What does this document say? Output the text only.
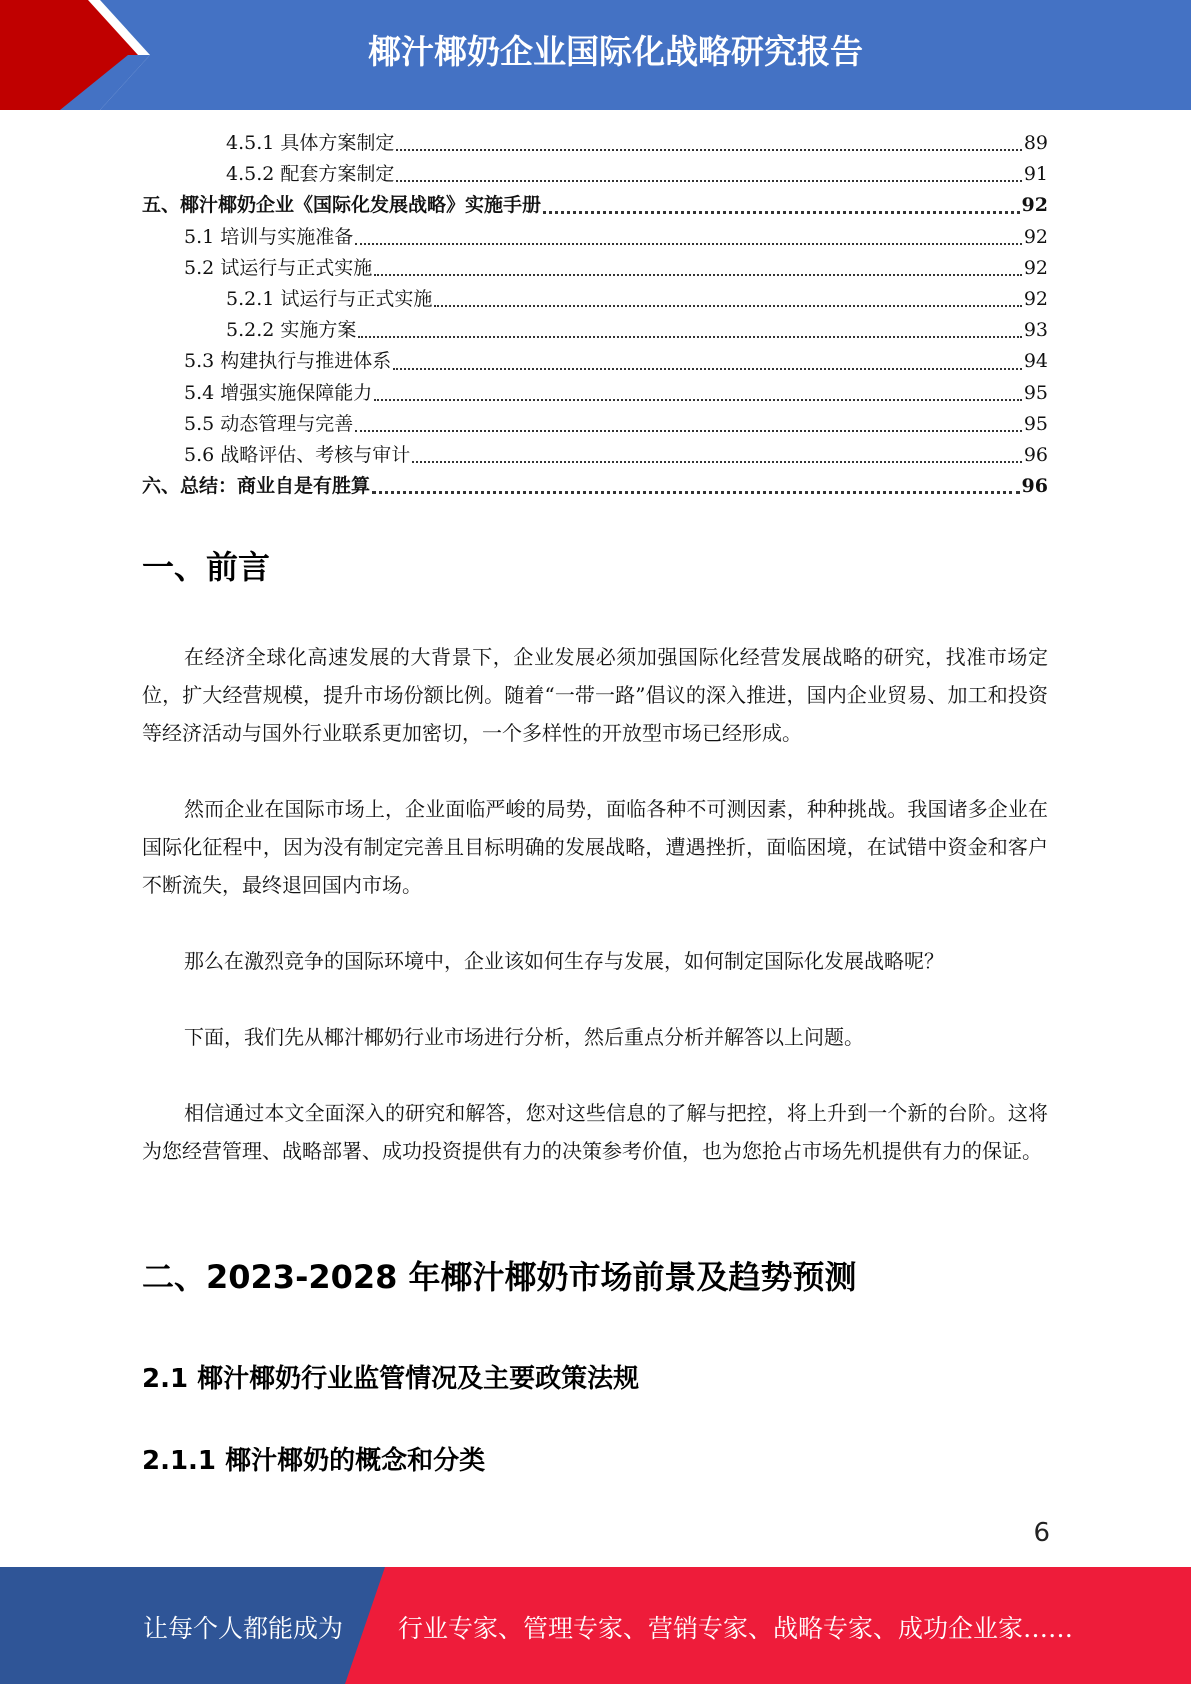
椰汁椰奶企业国际化战略研究报告
4.5.1 具体方案制定	89
4.5.2 配套方案制定	91
五、椰汁椰奶企业《国际化发展战略》实施手册	92
5.1 培训与实施准备	92
5.2 试运行与正式实施	92
5.2.1 试运行与正式实施	92
5.2.2 实施方案	93
5.3 构建执行与推进体系	94
5.4 增强实施保障能力	95
5.5 动态管理与完善	95
5.6 战略评估、考核与审计	96
六、总结：商业自是有胜算	96
一、前言

在经济全球化高速发展的大背景下，企业发展必须加强国际化经营发展战略的研究，找准市场定位，扩大经营规模，提升市场份额比例。随着“一带一路”倡议的深入推进，国内企业贸易、加工和投资等经济活动与国外行业联系更加密切，一个多样性的开放型市场已经形成。

然而企业在国际市场上，企业面临严峻的局势，面临各种不可测因素，种种挑战。我国诸多企业在国际化征程中，因为没有制定完善且目标明确的发展战略，遭遇挫折，面临困境，在试错中资金和客户不断流失，最终退回国内市场。

那么在激烈竞争的国际环境中，企业该如何生存与发展，如何制定国际化发展战略呢？

下面，我们先从椰汁椰奶行业市场进行分析，然后重点分析并解答以上问题。

相信通过本文全面深入的研究和解答，您对这些信息的了解与把控，将上升到一个新的台阶。这将为您经营管理、战略部署、成功投资提供有力的决策参考价值，也为您抢占市场先机提供有力的保证。

二、2023-2028 年椰汁椰奶市场前景及趋势预测
2.1 椰汁椰奶行业监管情况及主要政策法规
2.1.1 椰汁椰奶的概念和分类
6
让每个人都能成为 行业专家、管理专家、营销专家、战略专家、成功企业家……
